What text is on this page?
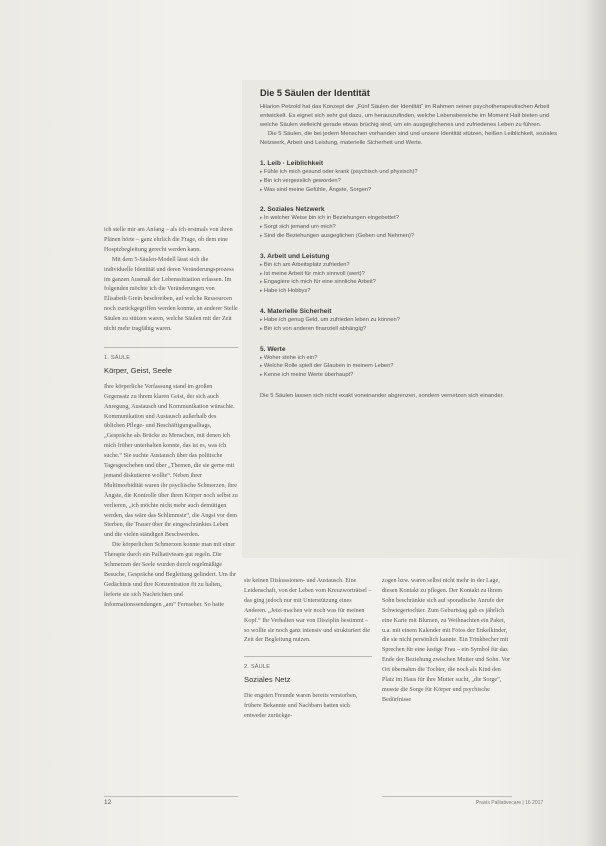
ich stelle mir am Anfang – als ich erstmals von ihren Plänen hörte – ganz ehrlich die Frage, ob dem eine Hospizbegleitung gerecht werden kann.

Mit dem 5-Säulen-Modell lässt sich die individuelle Identität und deren Veränderungsprozess im ganzen Ausmaß der Lebenssituation erfassen. Im folgenden möchte ich die Veränderungen von Elisabeth Grein beschreiben, auf welche Ressourcen noch zurückgegriffen werden konnte, an anderer Stelle Säulen zu stützen waren, welche Säulen mit der Zeit nicht mehr tragfähig waren.

1. SÄULE
Körper, Geist, Seele

Ihre körperliche Verfassung stand im großen Gegensatz zu ihrem klaren Geist, der sich auch Anregung, Austausch und Kommunikation wünschte. Kommunikation und Austausch außerhalb des üblichen Pflege- und Beschäftigungsalltags, „Gespräche als Brücke zu Menschen, mit denen ich mich früher unterhalten konnte, das ist es, was ich suche.“ Sie suchte Austausch über das politische Tagesgeschehen und über „Themen, die sie gerne mit jemand diskutieren wollte“. Neben ihrer Multimorbidität waren ihr psychische Schmerzen, ihre Ängste, die Kontrolle über ihren Körper noch selbst zu verlieren, „ich möchte nicht mehr auch demütigen werden, das wäre das Schlimmste“, die Angst vor dem Sterben, die Trauer über ihr eingeschränktes Leben und die vielen ständigen Beschwerden.

Die körperlichen Schmerzen konnte man mit einer Therapie durch ein Palliativteam gut regeln. Die Schmerzen der Seele wurden durch regelmäßige Besuche, Gespräche und Begleitung gelindert. Um ihr Gedächtnis und ihre Konzentration fit zu halten, lieferte sie sich Nachrichten und Informationssendungen „am“ Fernseher. So hatte

Die 5 Säulen der Identität

Hilarion Petzold hat das Konzept der „Fünf Säulen der Identität“ im Rahmen seiner psychotherapeutischen Arbeit entwickelt. Es eignet sich sehr gut dazu, um herauszufinden, welche Lebensbereiche im Moment Halt bieten und welche Säulen vielleicht gerade etwas brüchig sind, um ein ausgeglichenes und zufriedenes Leben zu führen.

Die 5 Säulen, die bei jedem Menschen vorhanden sind und unsere Identität stützen, heißen Leiblichkeit, soziales Netzwerk, Arbeit und Leistung, materielle Sicherheit und Werte.

1. Leib · Leiblichkeit
▸ Fühle ich mich gesund oder krank (psychisch und physisch)?
▸ Bin ich vergesslich geworden?
▸ Was sind meine Gefühle, Ängste, Sorgen?
2. Soziales Netzwerk
▸ In welcher Weise bin ich in Beziehungen eingebettet?
▸ Sorgt sich jemand um mich?
▸ Sind die Beziehungen ausgeglichen (Geben und Nehmen)?
3. Arbeit und Leistung
▸ Bin ich am Arbeitsplatz zufrieden?
▸ Ist meine Arbeit für mich sinnvoll (wert)?
▸ Engagiere ich mich für eine sinnliche Arbeit?
▸ Habe ich Hobbys?
4. Materielle Sicherheit
▸ Habe ich genug Geld, um zufrieden leben zu können?
▸ Bin ich von anderen finanziell abhängig?
5. Werte
▸ Woher stehe ich ein?
▸ Welche Rolle spielt der Glauben in meinem Leben?
▸ Kenne ich meine Werte überhaupt?
Die 5 Säulen lassen sich nicht exakt voneinander abgrenzen, sondern vernetzen sich einander.

sie keinen Diskussionen- und Austausch. Eine Leidenschaft, von der Leben vom Kreuzworträtsel – das ging jedoch nur mit Unterstützung eines Anderen. „Jetzt machen wir noch was für meinen Kopf.“ Ihr Verhalten war von Disziplin bestimmt – so wollte sie noch ganz intensiv und strukturiert die Zeit der Begleitung nutzen.

2. SÄULE
Soziales Netz

Die engsten Freunde waren bereits verstorben, frühere Bekannte und Nachbarn hatten sich entweder zurückge-

zogen bzw. waren selbst nicht mehr in der Lage, diesen Kontakt zu pflegen. Der Kontakt zu ihrem Sohn beschränkte sich auf sporadische Anrufe der Schwiegertochter. Zum Geburtstag gab es jährlich eine Karte mit Blumen, zu Weihnachten ein Paket, u.a. mit einem Kalender mit Fotos der Enkelkinder, die sie nicht persönlich kannte. Ein Trinkbecher mit Sprechen für eine lustige Frau – ein Symbol für das Ende der Beziehung zwischen Mutter und Sohn. Vor Ort übernahm die Tochter, die noch als Kind den Platz im Haus für ihre Mutter sucht, „die Sorge“, musste die Sorge für Körper und psychische Bedürfnisse

12	Praxis Palliativecare | 16 2017
